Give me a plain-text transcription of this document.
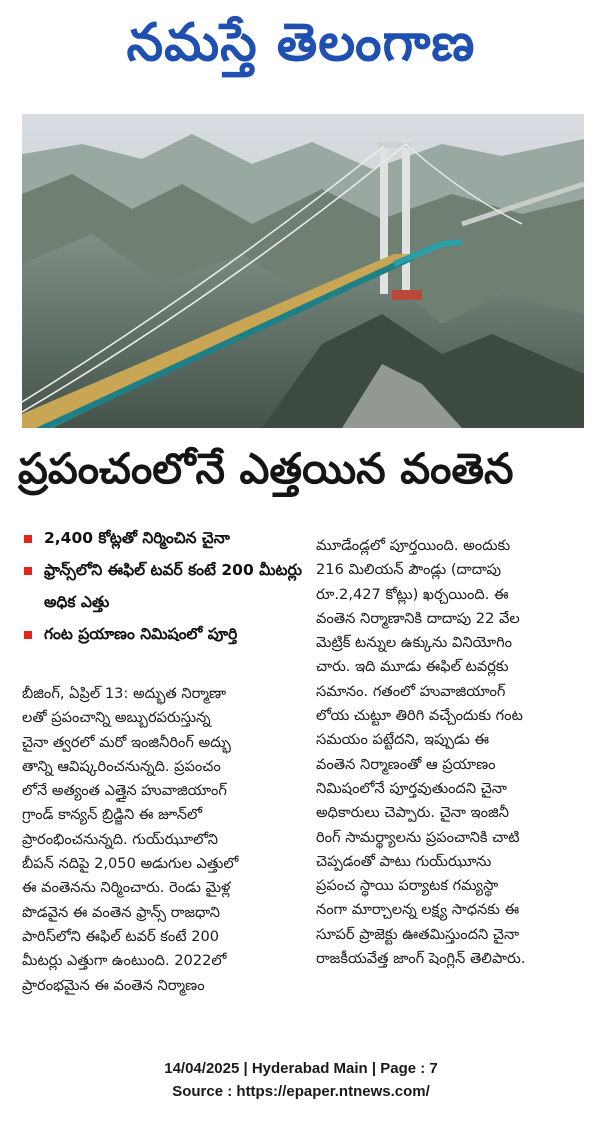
నమస్తే తెలంగాణ
ప్రపంచంలోనే ఎత్తయిన వంతెన
2,400 కోట్లతో నిర్మించిన చైనా
ఫ్రాన్స్‌లోని ఈఫిల్ టవర్ కంటే 200 మీటర్లు అధిక ఎత్తు
గంట ప్రయాణం నిమిషంలో పూర్తి
బీజింగ్, ఏప్రిల్ 13: అద్భుత నిర్మాణా
లతో ప్రపంచాన్ని అబ్బురపరుస్తున్న
చైనా త్వరలో మరో ఇంజినీరింగ్ అద్భు
తాన్ని ఆవిష్కరించనున్నది. ప్రపంచం
లోనే అత్యంత ఎత్తైన హువాజియాంగ్
గ్రాండ్ కాన్యన్ బ్రిడ్జిని ఈ జూన్‌లో
ప్రారంభించనున్నది. గుయ్‌ఝూలోని
బీపన్ నదిపై 2,050 అడుగుల ఎత్తులో
ఈ వంతెనను నిర్మించారు. రెండు మైళ్ల
పొడవైన ఈ వంతెన ఫ్రాన్స్ రాజధాని
పారిస్‌లోని ఈఫిల్ టవర్ కంటే 200
మీటర్లు ఎత్తుగా ఉంటుంది. 2022లో
ప్రారంభమైన ఈ వంతెన నిర్మాణం
మూడేండ్లలో పూర్తయింది. అందుకు
216 మిలియన్ పౌండ్లు (దాదాపు
రూ.2,427 కోట్లు) ఖర్చయింది. ఈ
వంతెన నిర్మాణానికి దాదాపు 22 వేల
మెట్రిక్ టన్నుల ఉక్కును వినియోగిం
చారు. ఇది మూడు ఈఫిల్ టవర్లకు
సమానం. గతంలో హువాజియాంగ్
లోయ చుట్టూ తిరిగి వచ్చేందుకు గంట
సమయం పట్టేదని, ఇప్పుడు ఈ
వంతెన నిర్మాణంతో ఆ ప్రయాణం
నిమిషంలోనే పూర్తవుతుందని చైనా
అధికారులు చెప్పారు. చైనా ఇంజినీ
రింగ్ సామర్థ్యాలను ప్రపంచానికి చాటి
చెప్పడంతో పాటు గుయ్‌ఝూను
ప్రపంచ స్థాయి పర్యాటక గమ్యస్థా
నంగా మార్చాలన్న లక్ష్య సాధనకు ఈ
సూపర్ ప్రాజెక్టు ఊతమిస్తుందని చైనా
రాజకీయవేత్త జాంగ్ షెంగ్లిన్ తెలిపారు.
14/04/2025 | Hyderabad Main | Page : 7
Source : https://epaper.ntnews.com/
